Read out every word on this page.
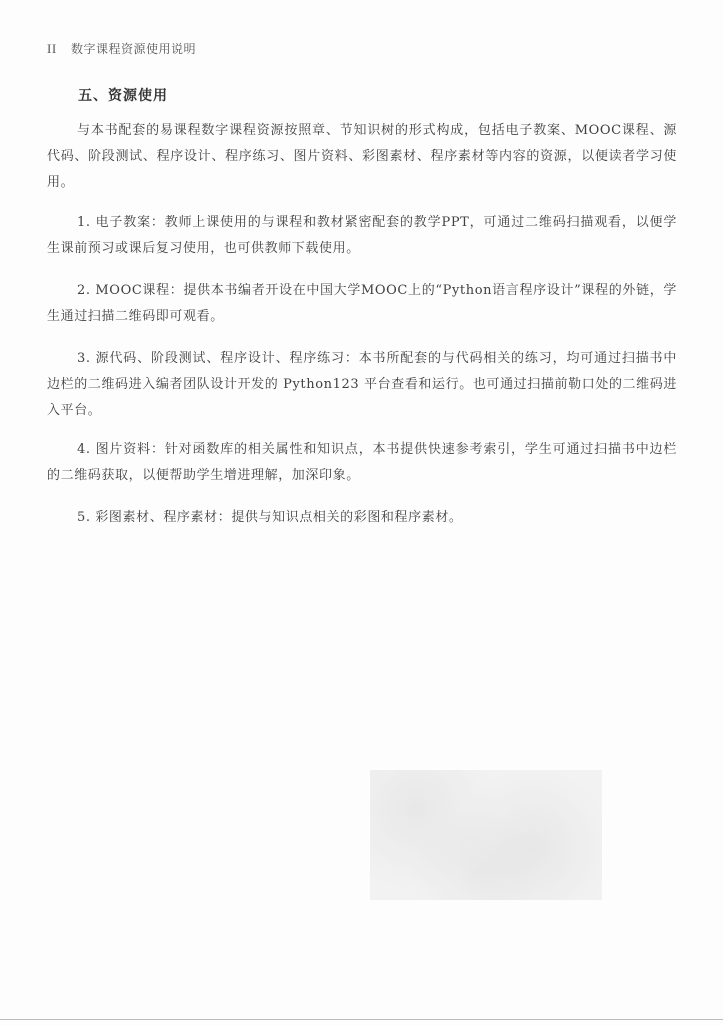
II 数字课程资源使用说明
五、资源使用

与本书配套的易课程数字课程资源按照章、节知识树的形式构成，包括电子教案、MOOC课程、源代码、阶段测试、程序设计、程序练习、图片资料、彩图素材、程序素材等内容的资源，以便读者学习使用。

1. 电子教案：教师上课使用的与课程和教材紧密配套的教学PPT，可通过二维码扫描观看，以便学生课前预习或课后复习使用，也可供教师下载使用。

2. MOOC课程：提供本书编者开设在中国大学MOOC上的“Python语言程序设计”课程的外链，学生通过扫描二维码即可观看。

3. 源代码、阶段测试、程序设计、程序练习：本书所配套的与代码相关的练习，均可通过扫描书中边栏的二维码进入编者团队设计开发的 Python123 平台查看和运行。也可通过扫描前勒口处的二维码进入平台。

4. 图片资料：针对函数库的相关属性和知识点，本书提供快速参考索引，学生可通过扫描书中边栏的二维码获取，以便帮助学生增进理解，加深印象。

5. 彩图素材、程序素材：提供与知识点相关的彩图和程序素材。
